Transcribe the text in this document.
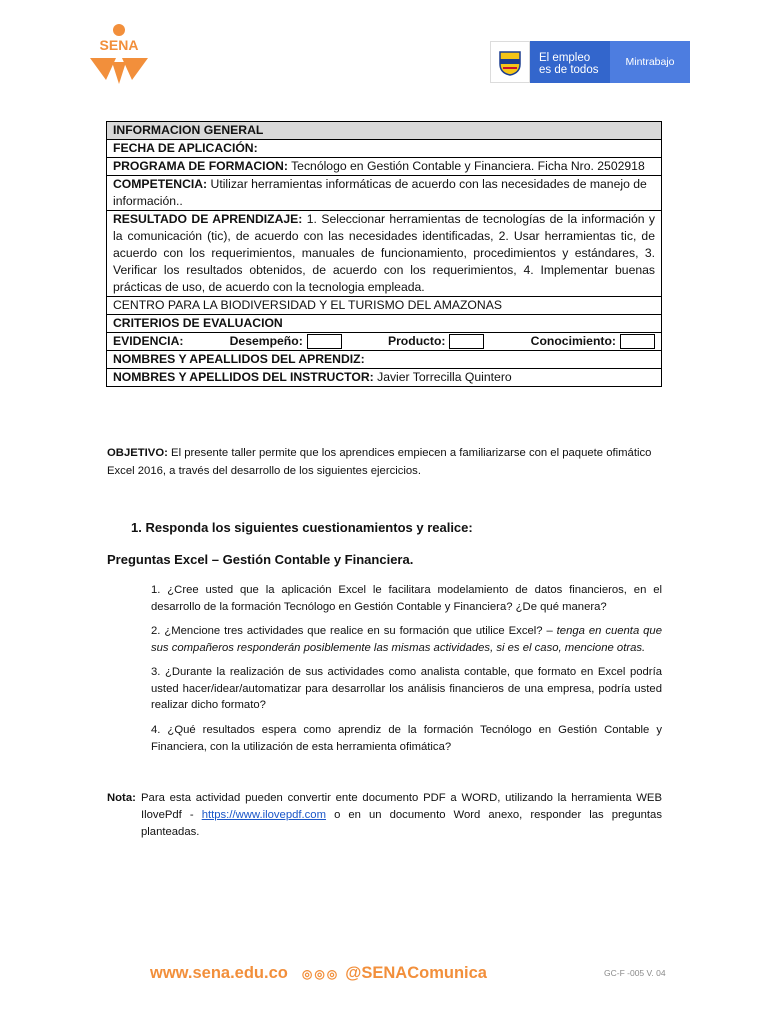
SENA
El empleo
es de todos
Mintrabajo
INFORMACION GENERAL
FECHA DE APLICACIÓN:
PROGRAMA DE FORMACION: Tecnólogo en Gestión Contable y Financiera. Ficha Nro. 2502918
COMPETENCIA: Utilizar herramientas informáticas de acuerdo con las necesidades de manejo de información..
RESULTADO DE APRENDIZAJE: 1. Seleccionar herramientas de tecnologías de la información y la comunicación (tic), de acuerdo con las necesidades identificadas, 2. Usar herramientas tic, de acuerdo con los requerimientos, manuales de funcionamiento, procedimientos y estándares, 3. Verificar los resultados obtenidos, de acuerdo con los requerimientos, 4. Implementar buenas prácticas de uso, de acuerdo con la tecnologia empleada.
CENTRO PARA LA BIODIVERSIDAD Y EL TURISMO DEL AMAZONAS
CRITERIOS DE EVALUACION

EVIDENCIA:	Desempeño:	Producto:	Conocimiento:

NOMBRES Y APEALLIDOS DEL APRENDIZ:
NOMBRES Y APELLIDOS DEL INSTRUCTOR: Javier Torrecilla Quintero
OBJETIVO: El presente taller permite que los aprendices empiecen a familiarizarse con el paquete ofimático Excel 2016, a través del desarrollo de los siguientes ejercicios.
1. Responda los siguientes cuestionamientos y realice:
Preguntas Excel – Gestión Contable y Financiera.
1. ¿Cree usted que la aplicación Excel le facilitara modelamiento de datos financieros, en el desarrollo de la formación Tecnólogo en Gestión Contable y Financiera? ¿De qué manera?
2. ¿Mencione tres actividades que realice en su formación que utilice Excel? – tenga en cuenta que sus compañeros responderán posiblemente las mismas actividades, si es el caso, mencione otras.
3. ¿Durante la realización de sus actividades como analista contable, que formato en Excel podría usted hacer/idear/automatizar para desarrollar los análisis financieros de una empresa, podría usted realizar dicho formato?
4. ¿Qué resultados espera como aprendiz de la formación Tecnólogo en Gestión Contable y Financiera, con la utilización de esta herramienta ofimática?
Nota: Para esta actividad pueden convertir ente documento PDF a WORD, utilizando la herramienta WEB IlovePdf - https://www.ilovepdf.com o en un documento Word anexo, responder las preguntas planteadas.
www.sena.edu.co ◎◎◎ @SENAComunica	GC-F -005 V. 04
